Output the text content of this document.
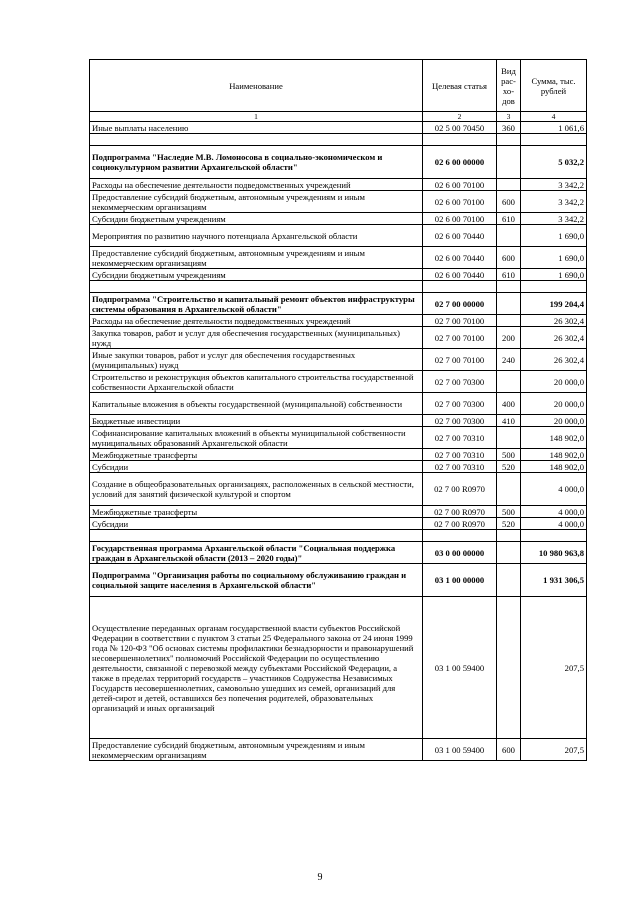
Наименование	Целевая статья	Вид рас-хо-дов	Сумма, тыс. рублей
1	2	3	4
Иные выплаты населению	02 5 00 70450	360	1 061,6

Подпрограмма "Наследие М.В. Ломоносова в социально-экономическом и социокультурном развитии Архангельской области"	02 6 00 00000		5 032,2
Расходы на обеспечение деятельности подведомственных учреждений	02 6 00 70100		3 342,2
Предоставление субсидий бюджетным, автономным учреждениям и иным некоммерческим организациям	02 6 00 70100	600	3 342,2
Субсидии бюджетным учреждениям	02 6 00 70100	610	3 342,2
Мероприятия по развитию научного потенциала Архангельской области	02 6 00 70440		1 690,0
Предоставление субсидий бюджетным, автономным учреждениям и иным некоммерческим организациям	02 6 00 70440	600	1 690,0
Субсидии бюджетным учреждениям	02 6 00 70440	610	1 690,0

Подпрограмма "Строительство и капитальный ремонт объектов инфраструктуры системы образования в Архангельской области"	02 7 00 00000		199 204,4
Расходы на обеспечение деятельности подведомственных учреждений	02 7 00 70100		26 302,4
Закупка товаров, работ и услуг для обеспечения государственных (муниципальных) нужд	02 7 00 70100	200	26 302,4
Иные закупки товаров, работ и услуг для обеспечения государственных (муниципальных) нужд	02 7 00 70100	240	26 302,4
Строительство и реконструкция объектов капитального строительства государственной собственности Архангельской области	02 7 00 70300		20 000,0
Капитальные вложения в объекты государственной (муниципальной) собственности	02 7 00 70300	400	20 000,0
Бюджетные инвестиции	02 7 00 70300	410	20 000,0
Софинансирование капитальных вложений в объекты муниципальной собственности муниципальных образований Архангельской области	02 7 00 70310		148 902,0
Межбюджетные трансферты	02 7 00 70310	500	148 902,0
Субсидии	02 7 00 70310	520	148 902,0
Создание в общеобразовательных организациях, расположенных в сельской местности, условий для занятий физической культурой и спортом	02 7 00 R0970		4 000,0
Межбюджетные трансферты	02 7 00 R0970	500	4 000,0
Субсидии	02 7 00 R0970	520	4 000,0

Государственная программа Архангельской области "Социальная поддержка граждан в Архангельской области (2013 – 2020 годы)"	03 0 00 00000		10 980 963,8
Подпрограмма "Организация работы по социальному обслуживанию граждан и социальной защите населения в Архангельской области"	03 1 00 00000		1 931 306,5
Осуществление переданных органам государственной власти субъектов Российской Федерации в соответствии с пунктом 3 статьи 25 Федерального закона от 24 июня 1999 года № 120-ФЗ "Об основах системы профилактики безнадзорности и правонарушений несовершеннолетних" полномочий Российской Федерации по осуществлению деятельности, связанной с перевозкой между субъектами Российской Федерации, а также в пределах территорий государств – участников Содружества Независимых Государств несовершеннолетних, самовольно ушедших из семей, организаций для детей-сирот и детей, оставшихся без попечения родителей, образовательных организаций и иных организаций	03 1 00 59400		207,5
Предоставление субсидий бюджетным, автономным учреждениям и иным некоммерческим организациям	03 1 00 59400	600	207,5
9
